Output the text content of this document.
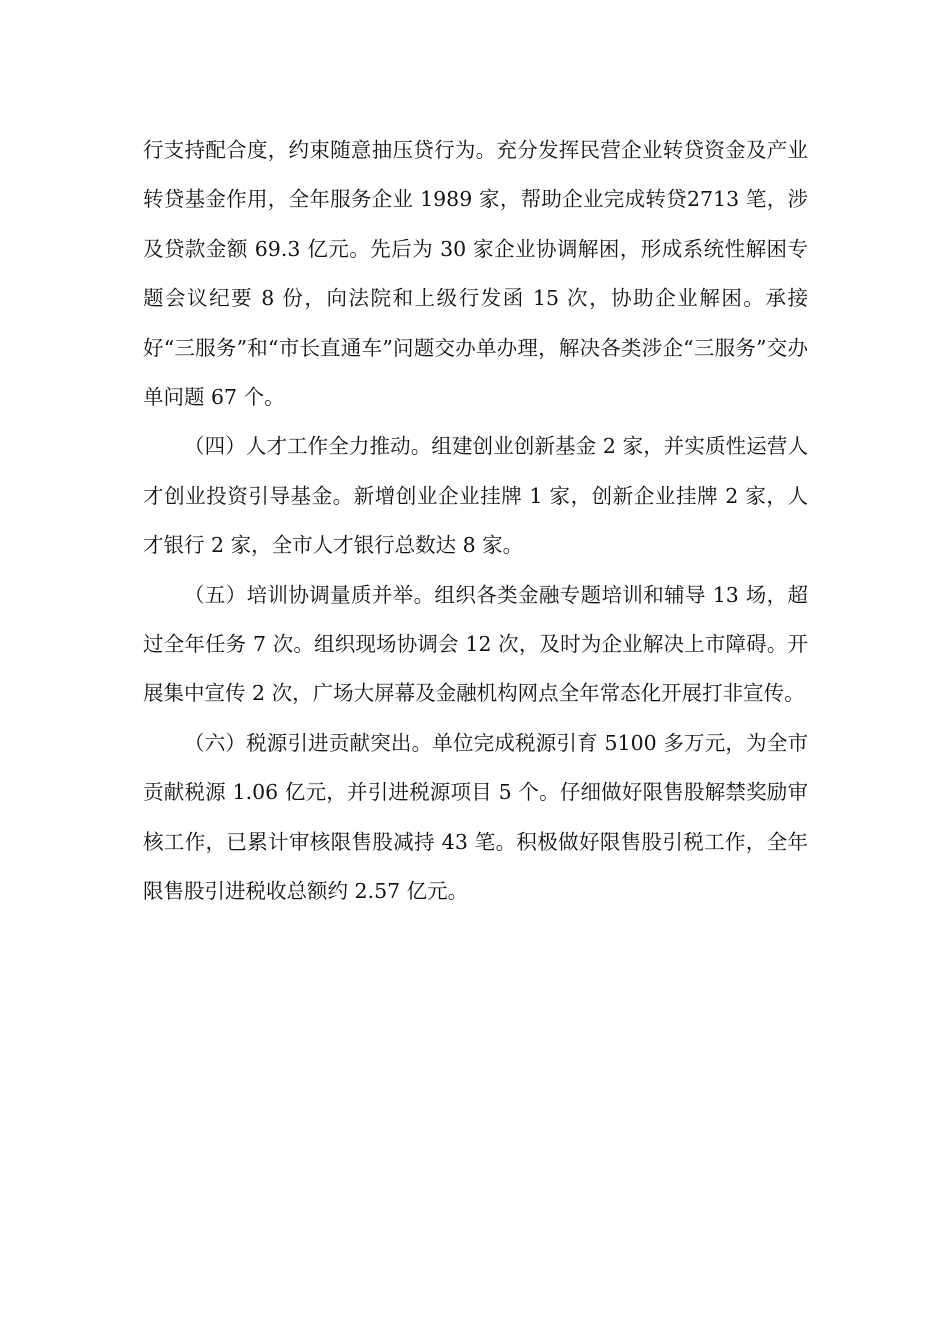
行支持配合度，约束随意抽压贷行为。充分发挥民营企业转贷资金及产业转贷基金作用，全年服务企业 1989 家，帮助企业完成转贷2713 笔，涉及贷款金额 69.3 亿元。先后为 30 家企业协调解困，形成系统性解困专题会议纪要 8 份，向法院和上级行发函 15 次，协助企业解困。承接好“三服务”和“市长直通车”问题交办单办理，解决各类涉企“三服务”交办单问题 67 个。

（四）人才工作全力推动。组建创业创新基金 2 家，并实质性运营人才创业投资引导基金。新增创业企业挂牌 1 家，创新企业挂牌 2 家，人才银行 2 家，全市人才银行总数达 8 家。

（五）培训协调量质并举。组织各类金融专题培训和辅导 13 场，超过全年任务 7 次。组织现场协调会 12 次，及时为企业解决上市障碍。开展集中宣传 2 次，广场大屏幕及金融机构网点全年常态化开展打非宣传。

（六）税源引进贡献突出。单位完成税源引育 5100 多万元，为全市贡献税源 1.06 亿元，并引进税源项目 5 个。仔细做好限售股解禁奖励审核工作，已累计审核限售股减持 43 笔。积极做好限售股引税工作，全年限售股引进税收总额约 2.57 亿元。
